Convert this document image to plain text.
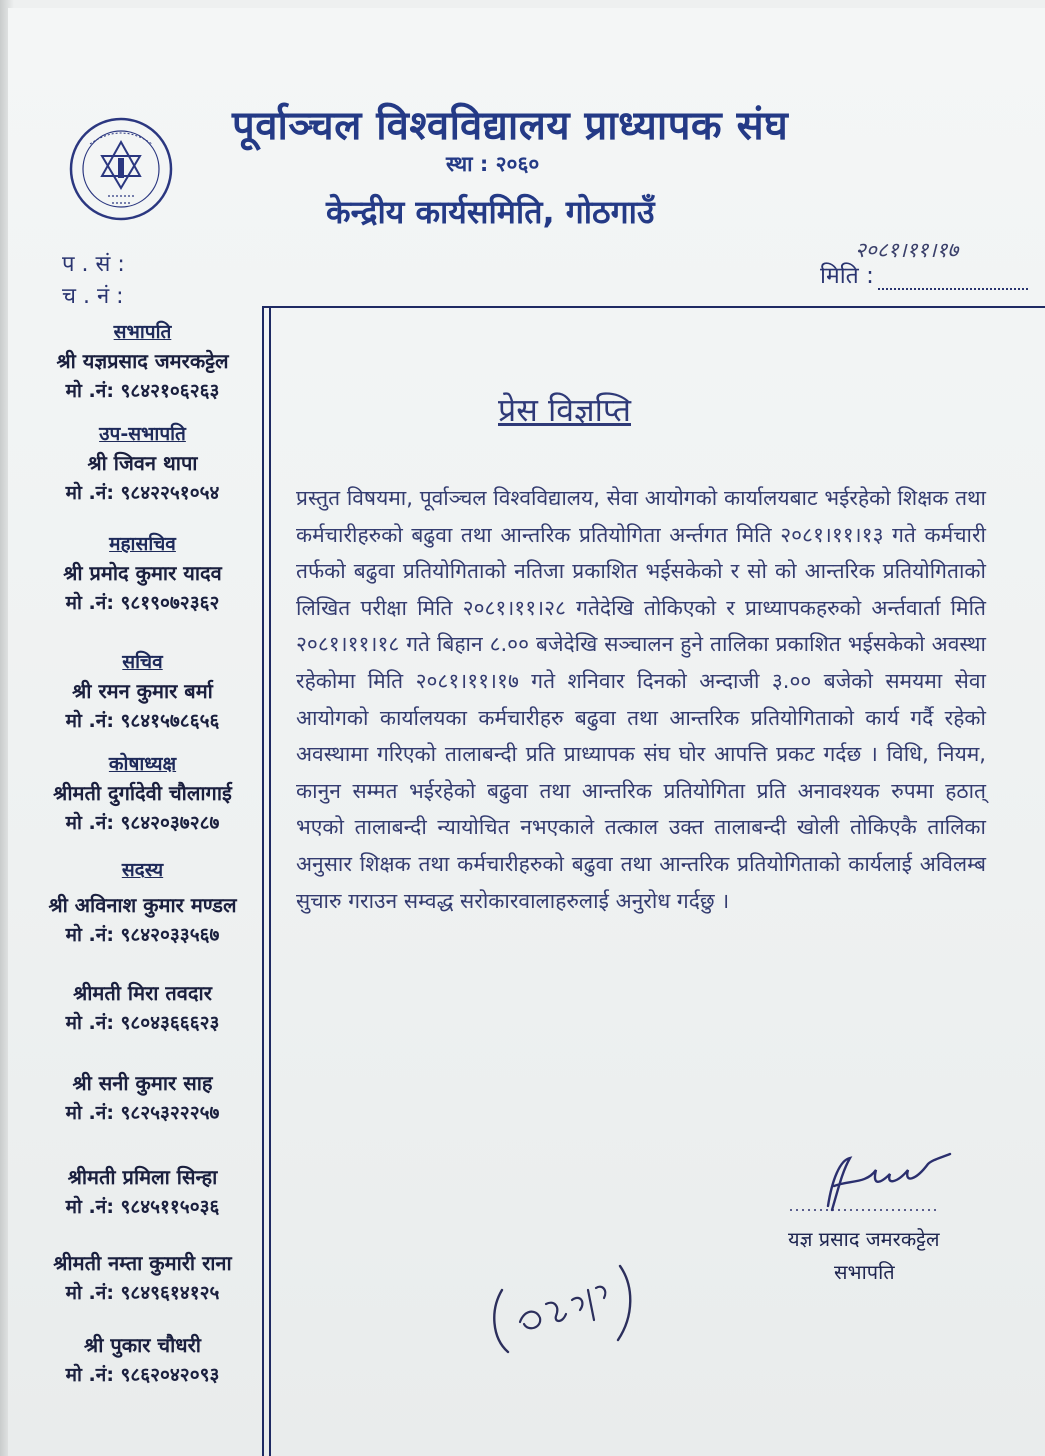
पूर्वाञ्चल विश्वविद्यालय प्राध्यापक संघ
स्था : २०६०
केन्द्रीय कार्यसमिति, गोठगाउँ
प . सं :
च . नं :
२०८१।११।१७
मिति :
सभापति
श्री यज्ञप्रसाद जमरकट्टेल
मो .नं: ९८४२१०६२६३
उप-सभापति
श्री जिवन थापा
मो .नं: ९८४२२५१०५४
महासचिव
श्री प्रमोद कुमार यादव
मो .नं: ९८१९०७२३६२
सचिव
श्री रमन कुमार बर्मा
मो .नं: ९८४१५७८६५६
कोषाध्यक्ष
श्रीमती दुर्गादेवी चौलागाई
मो .नं: ९८४२०३७२८७
सदस्य
श्री अविनाश कुमार मण्डल
मो .नं: ९८४२०३३५६७
श्रीमती मिरा तवदार
मो .नं: ९८०४३६६६२३
श्री सनी कुमार साह
मो .नं: ९८२५३२२२५७
श्रीमती प्रमिला सिन्हा
मो .नं: ९८४५११५०३६
श्रीमती नम्ता कुमारी राना
मो .नं: ९८४९६१४१२५
श्री पुकार चौधरी
मो .नं: ९८६२०४२०९३
प्रेस विज्ञप्ति
प्रस्तुत विषयमा, पूर्वाञ्चल विश्वविद्यालय, सेवा आयोगको कार्यालयबाट भईरहेको शिक्षक तथा कर्मचारीहरुको बढुवा तथा आन्तरिक प्रतियोगिता अर्न्तगत मिति २०८१।११।१३ गते कर्मचारी तर्फको बढुवा प्रतियोगिताको नतिजा प्रकाशित भईसकेको र सो को आन्तरिक प्रतियोगिताको लिखित परीक्षा मिति २०८१।११।२८ गतेदेखि तोकिएको र प्राध्यापकहरुको अर्न्तवार्ता मिति २०८१।११।१८ गते बिहान ८.०० बजेदेखि सञ्चालन हुने तालिका प्रकाशित भईसकेको अवस्था रहेकोमा मिति २०८१।११।१७ गते शनिवार दिनको अन्दाजी ३.०० बजेको समयमा सेवा आयोगको कार्यालयका कर्मचारीहरु बढुवा तथा आन्तरिक प्रतियोगिताको कार्य गर्दै रहेको अवस्थामा गरिएको तालाबन्दी प्रति प्राध्यापक संघ घोर आपत्ति प्रकट गर्दछ । विधि, नियम, कानुन सम्मत भईरहेको बढुवा तथा आन्तरिक प्रतियोगिता प्रति अनावश्यक रुपमा हठात् भएको तालाबन्दी न्यायोचित नभएकाले तत्काल उक्त तालाबन्दी खोली तोकिएकै तालिका अनुसार शिक्षक तथा कर्मचारीहरुको बढुवा तथा आन्तरिक प्रतियोगिताको कार्यलाई अविलम्ब सुचारु गराउन सम्वद्ध सरोकारवालाहरुलाई अनुरोध गर्दछु ।
यज्ञ प्रसाद जमरकट्टेल
सभापति
